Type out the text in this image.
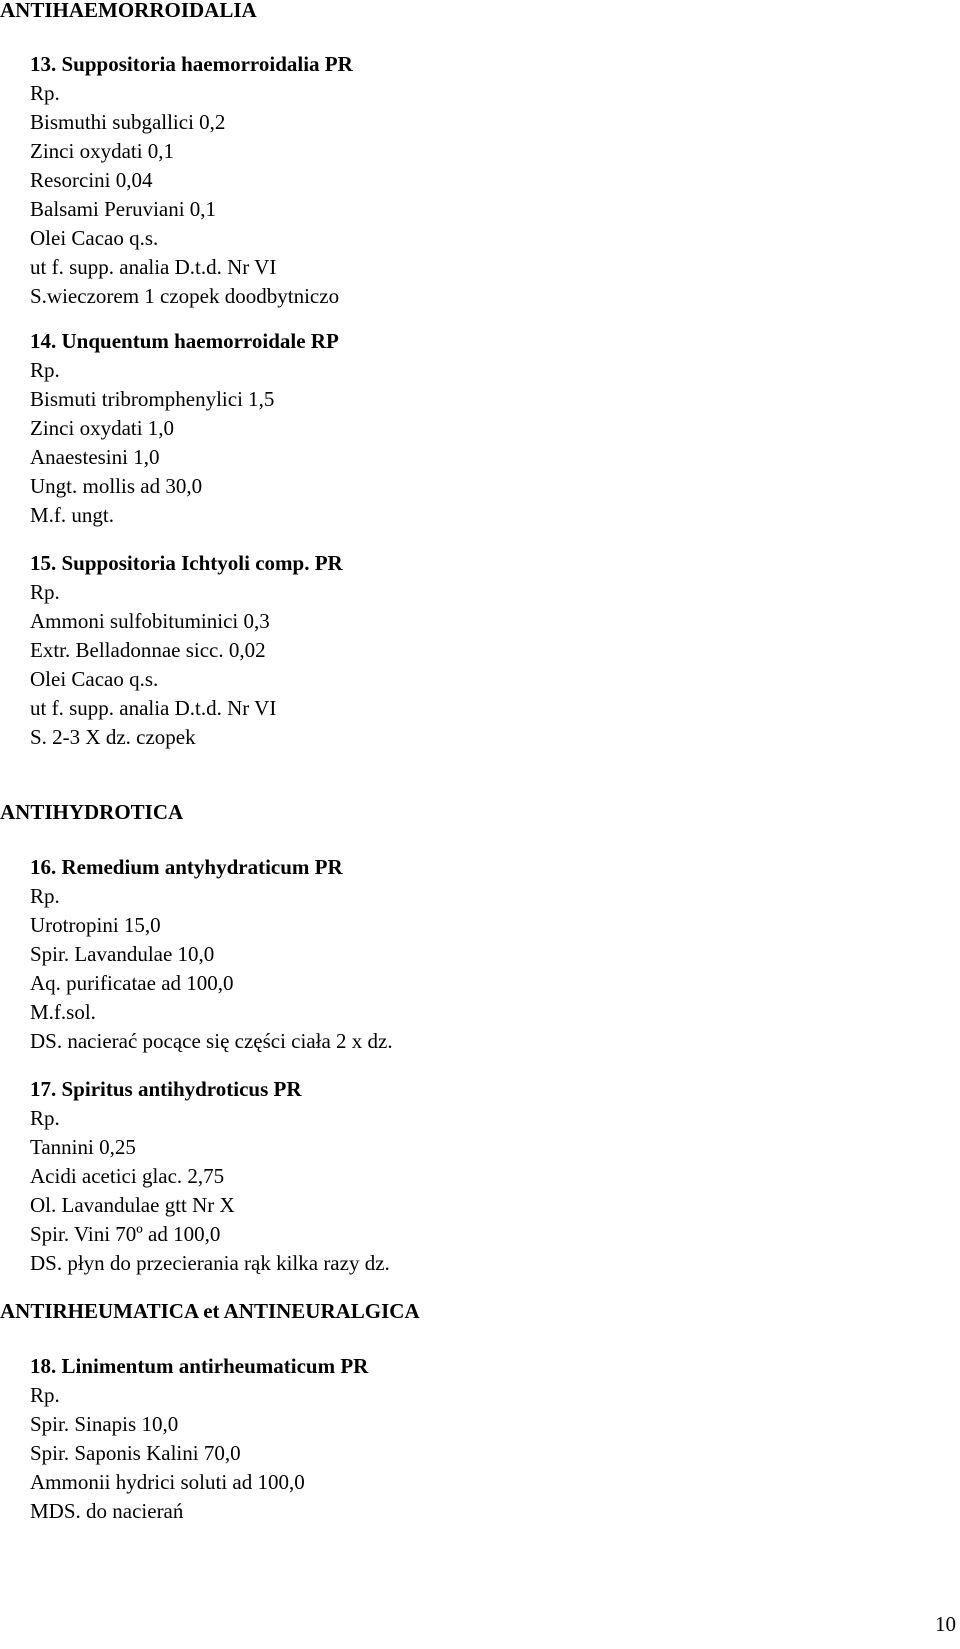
ANTIHAEMORROIDALIA

13. Suppositoria haemorroidalia PR

Rp.
Bismuthi subgallici 0,2
Zinci oxydati 0,1
Resorcini 0,04
Balsami Peruviani 0,1
Olei Cacao q.s.
ut f. supp. analia D.t.d. Nr VI
S.wieczorem 1 czopek doodbytniczo

14. Unquentum haemorroidale RP

Rp.
Bismuti tribromphenylici 1,5
Zinci oxydati 1,0
Anaestesini 1,0
Ungt. mollis ad 30,0
M.f. ungt.

15. Suppositoria Ichtyoli comp. PR

Rp.
Ammoni sulfobituminici 0,3
Extr. Belladonnae sicc. 0,02
Olei Cacao q.s.
ut f. supp. analia D.t.d. Nr VI
S. 2-3 X dz. czopek
ANTIHYDROTICA

16. Remedium antyhydraticum PR

Rp.
Urotropini 15,0
Spir. Lavandulae 10,0
Aq. purificatae ad 100,0
M.f.sol.
DS. nacierać pocące się części ciała 2 x dz.

17. Spiritus antihydroticus PR

Rp.
Tannini 0,25
Acidi acetici glac. 2,75
Ol. Lavandulae gtt Nr X
Spir. Vini 70º ad 100,0
DS. płyn do przecierania rąk kilka razy dz.
ANTIRHEUMATICA et ANTINEURALGICA

18. Linimentum antirheumaticum PR

Rp.
Spir. Sinapis 10,0
Spir. Saponis Kalini 70,0
Ammonii hydrici soluti ad 100,0
MDS. do nacierań
10
